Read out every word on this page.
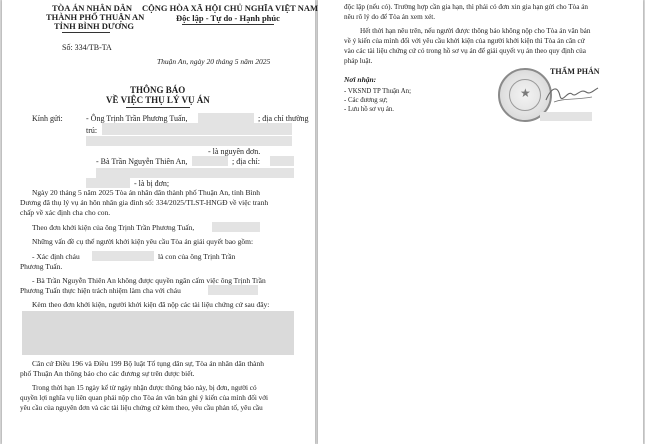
TÒA ÁN NHÂN DÂN
THÀNH PHỐ THUẬN AN
TỈNH BÌNH DƯƠNG
Số: 334/TB-TA
CỘNG HÒA XÃ HỘI CHỦ NGHĨA VIỆT NAM
Độc lập - Tự do - Hạnh phúc
Thuận An, ngày 20 tháng 5 năm 2025
THÔNG BÁO
VỀ VIỆC THỤ LÝ VỤ ÁN
Kính gửi:	- Ông Trịnh Trần Phương Tuấn,	; địa chỉ thường
trú:
- là nguyên đơn.
- Bà Trần Nguyễn Thiên An,	; địa chỉ:
- là bị đơn;
Ngày 20 tháng 5 năm 2025 Tòa án nhân dân thành phố Thuận An, tỉnh Bình
Dương đã thụ lý vụ án hôn nhân gia đình số: 334/2025/TLST-HNGĐ về việc tranh
chấp về xác định cha cho con.
Theo đơn khởi kiện của ông Trịnh Trần Phương Tuấn,
Những vấn đề cụ thể người khởi kiện yêu cầu Tòa án giải quyết bao gồm:
- Xác định cháu	là con của ông Trịnh Trần
Phương Tuấn.
- Bà Trần Nguyễn Thiên An không được quyền ngăn cấm việc ông Trịnh Trần
Phương Tuấn thực hiện trách nhiệm làm cha với cháu
Kèm theo đơn khởi kiện, người khởi kiện đã nộp các tài liệu chứng cứ sau đây:
Căn cứ Điều 196 và Điều 199 Bộ luật Tố tụng dân sự, Tòa án nhân dân thành
phố Thuận An thông báo cho các đương sự trên được biết.
Trong thời hạn 15 ngày kể từ ngày nhận được thông báo này, bị đơn, người có
quyền lợi nghĩa vụ liên quan phải nộp cho Tòa án văn bản ghi ý kiến của mình đối với
yêu cầu của nguyên đơn và các tài liệu chứng cứ kèm theo, yêu cầu phản tố, yêu cầu
độc lập (nếu có). Trường hợp cần gia hạn, thì phải có đơn xin gia hạn gửi cho Tòa án
nêu rõ lý do để Tòa án xem xét.
Hết thời hạn nêu trên, nếu người được thông báo không nộp cho Tòa án văn bản
về ý kiến của mình đối với yêu cầu khởi kiện của người khởi kiện thì Tòa án căn cứ
vào các tài liệu chứng cứ có trong hồ sơ vụ án để giải quyết vụ án theo quy định của
pháp luật.
Nơi nhận:
- VKSND TP Thuận An;
- Các đương sự;
- Lưu hồ sơ vụ án.
THẨM PHÁN
★
